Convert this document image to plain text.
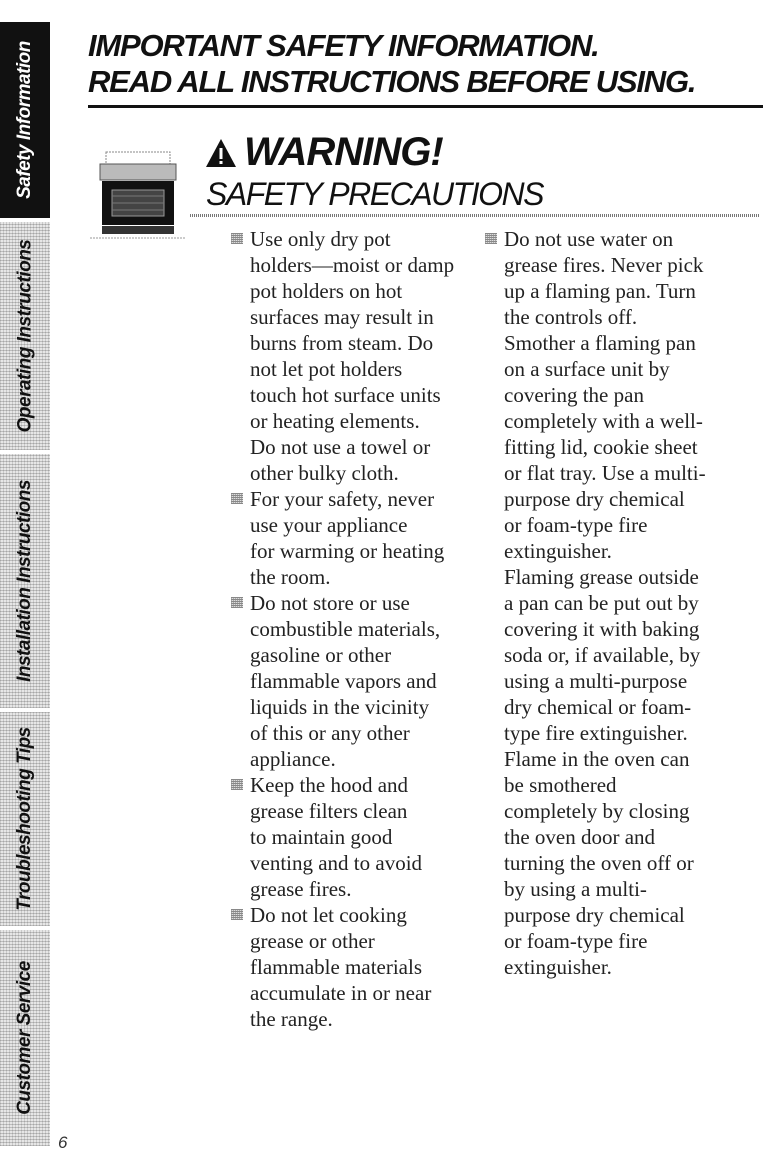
Safety Information
Operating Instructions
Installation Instructions
Troubleshooting Tips
Customer Service
6
IMPORTANT SAFETY INFORMATION.
READ ALL INSTRUCTIONS BEFORE USING.
WARNING!
SAFETY PRECAUTIONS
Use only dry pot
holders—moist or damp
pot holders on hot
surfaces may result in
burns from steam. Do
not let pot holders
touch hot surface units
or heating elements.
Do not use a towel or
other bulky cloth.
For your safety, never
use your appliance
for warming or heating
the room.
Do not store or use
combustible materials,
gasoline or other
flammable vapors and
liquids in the vicinity
of this or any other
appliance.
Keep the hood and
grease filters clean
to maintain good
venting and to avoid
grease fires.
Do not let cooking
grease or other
flammable materials
accumulate in or near
the range.
Do not use water on
grease fires. Never pick
up a flaming pan. Turn
the controls off.
Smother a flaming pan
on a surface unit by
covering the pan
completely with a well-
fitting lid, cookie sheet
or flat tray. Use a multi-
purpose dry chemical
or foam-type fire
extinguisher.
Flaming grease outside
a pan can be put out by
covering it with baking
soda or, if available, by
using a multi-purpose
dry chemical or foam-
type fire extinguisher.
Flame in the oven can
be smothered
completely by closing
the oven door and
turning the oven off or
by using a multi-
purpose dry chemical
or foam-type fire
extinguisher.
